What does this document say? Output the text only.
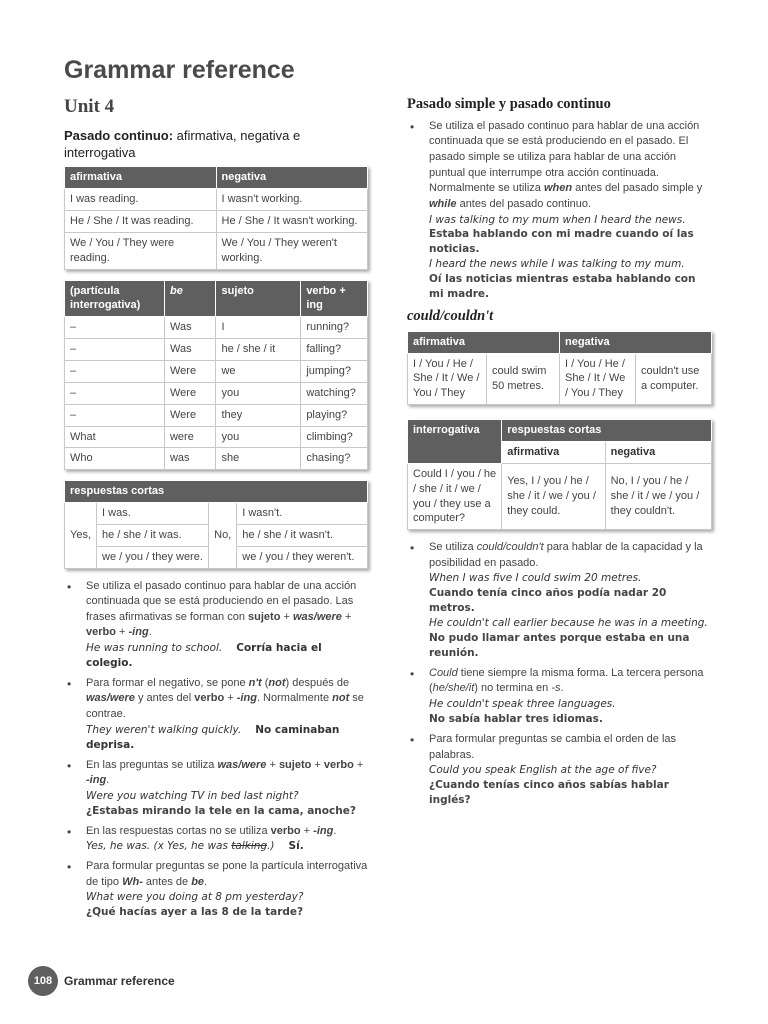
Grammar reference
Unit 4
Pasado continuo: afirmativa, negativa e interrogativa
afirmativa	negativa
I was reading.	I wasn't working.
He / She / It was reading.	He / She / It wasn't working.
We / You / They were reading.	We / You / They weren't working.
(partícula interrogativa)	be	sujeto	verbo + ing
–	Was	I	running?
–	Was	he / she / it	falling?
–	Were	we	jumping?
–	Were	you	watching?
–	Were	they	playing?
What	were	you	climbing?
Who	was	she	chasing?
respuestas cortas			
Yes,	I was.	No,	I wasn't.
	he / she / it was.		he / she / it wasn't.
	we / you / they were.		we / you / they weren't.
• Se utiliza el pasado continuo para hablar de una acción continuada que se está produciendo en el pasado. Las frases afirmativas se forman con sujeto + was/were + verbo + -ing.
He was running to school. Corría hacia el colegio.
• Para formar el negativo, se pone n't (not) después de was/were y antes del verbo + -ing. Normalmente not se contrae.
They weren't walking quickly. No caminaban deprisa.
• En las preguntas se utiliza was/were + sujeto + verbo + -ing.
Were you watching TV in bed last night?
¿Estabas mirando la tele en la cama, anoche?
• En las respuestas cortas no se utiliza verbo + -ing.
Yes, he was. (x Yes, he was talking.) Sí.
• Para formular preguntas se pone la partícula interrogativa de tipo Wh- antes de be.
What were you doing at 8 pm yesterday?
¿Qué hacías ayer a las 8 de la tarde?
Pasado simple y pasado continuo
• Se utiliza el pasado continuo para hablar de una acción continuada que se está produciendo en el pasado. El pasado simple se utiliza para hablar de una acción puntual que interrumpe otra acción continuada. Normalmente se utiliza when antes del pasado simple y while antes del pasado continuo.
I was talking to my mum when I heard the news.
Estaba hablando con mi madre cuando oí las noticias.
I heard the news while I was talking to my mum.
Oí las noticias mientras estaba hablando con mi madre.
could/couldn't
afirmativa		negativa	
I / You / He / She / It / We / You / They	could swim 50 metres.	I / You / He / She / It / We / You / They	couldn't use a computer.
interrogativa	respuestas cortas	
	afirmativa	negativa
Could I / you / he / she / it / we / you / they use a computer?	Yes, I / you / he / she / it / we / you / they could.	No, I / you / he / she / it / we / you / they couldn't.
• Se utiliza could/couldn't para hablar de la capacidad y la posibilidad en pasado.
When I was five I could swim 20 metres.
Cuando tenía cinco años podía nadar 20 metros.
He couldn't call earlier because he was in a meeting.
No pudo llamar antes porque estaba en una reunión.
• Could tiene siempre la misma forma. La tercera persona (he/she/it) no termina en -s.
He couldn't speak three languages.
No sabía hablar tres idiomas.
• Para formular preguntas se cambia el orden de las palabras.
Could you speak English at the age of five?
¿Cuando tenías cinco años sabías hablar inglés?
108 Grammar reference
